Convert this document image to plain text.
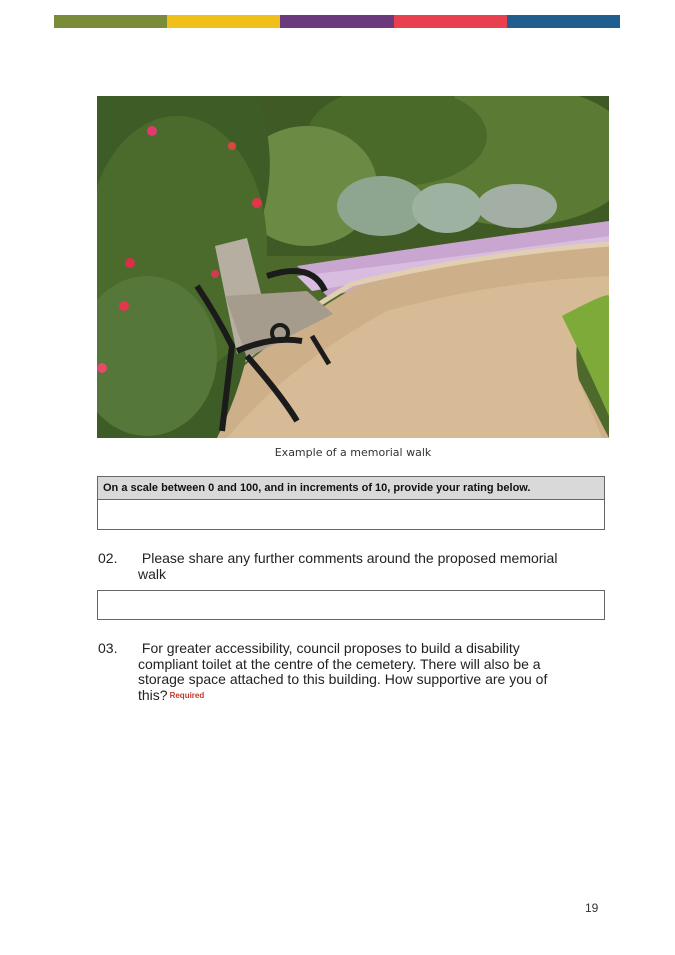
Example of a memorial walk
On a scale between 0 and 100, and in increments of 10, provide your rating below.
02. Please share any further comments around the proposed memorial walk
03. For greater accessibility, council proposes to build a disability compliant toilet at the centre of the cemetery. There will also be a storage space attached to this building. How supportive are you of this? $^{Required}$
19
